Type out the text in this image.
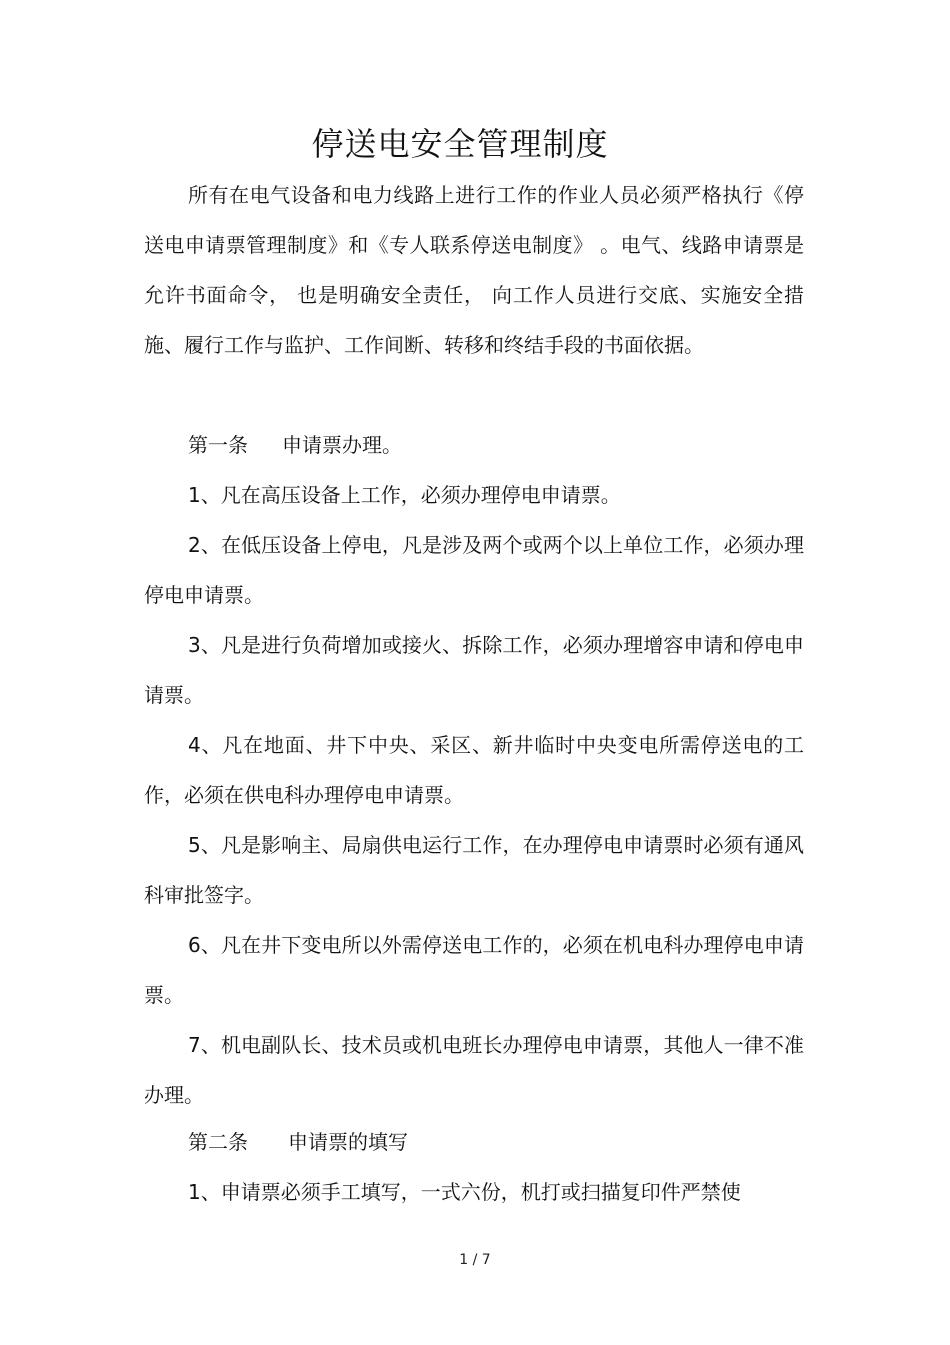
停送电安全管理制度

所有在电气设备和电力线路上进行工作的作业人员必须严格执行《停送电申请票管理制度》和《专人联系停送电制度》 。电气、线路申请票是允许书面命令， 也是明确安全责任， 向工作人员进行交底、实施安全措施、履行工作与监护、工作间断、转移和终结手段的书面依据。

第一条 申请票办理。

1、凡在高压设备上工作，必须办理停电申请票。

2、在低压设备上停电，凡是涉及两个或两个以上单位工作，必须办理停电申请票。

3、凡是进行负荷增加或接火、拆除工作，必须办理增容申请和停电申请票。

4、凡在地面、井下中央、采区、新井临时中央变电所需停送电的工作，必须在供电科办理停电申请票。

5、凡是影响主、局扇供电运行工作，在办理停电申请票时必须有通风科审批签字。

6、凡在井下变电所以外需停送电工作的，必须在机电科办理停电申请票。

7、机电副队长、技术员或机电班长办理停电申请票，其他人一律不准办理。

第二条 申请票的填写

1、申请票必须手工填写，一式六份，机打或扫描复印件严禁使

1 / 7
